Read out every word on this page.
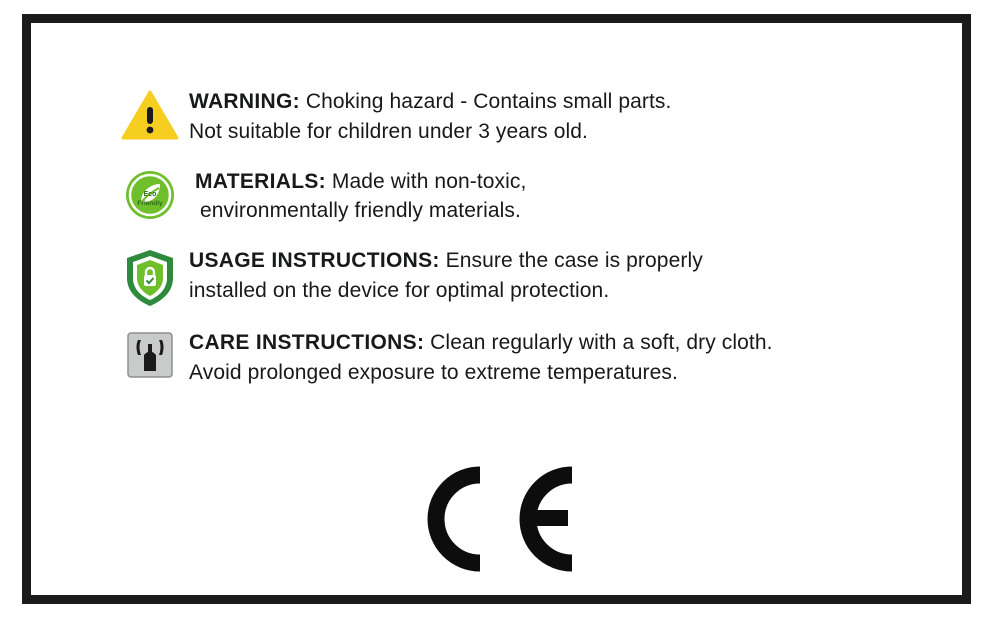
WARNING: Choking hazard - Contains small parts.
Not suitable for children under 3 years old.
Eco
Friendly
MATERIALS: Made with non-toxic,
environmentally friendly materials.
USAGE INSTRUCTIONS: Ensure the case is properly
installed on the device for optimal protection.
CARE INSTRUCTIONS: Clean regularly with a soft, dry cloth.
Avoid prolonged exposure to extreme temperatures.
